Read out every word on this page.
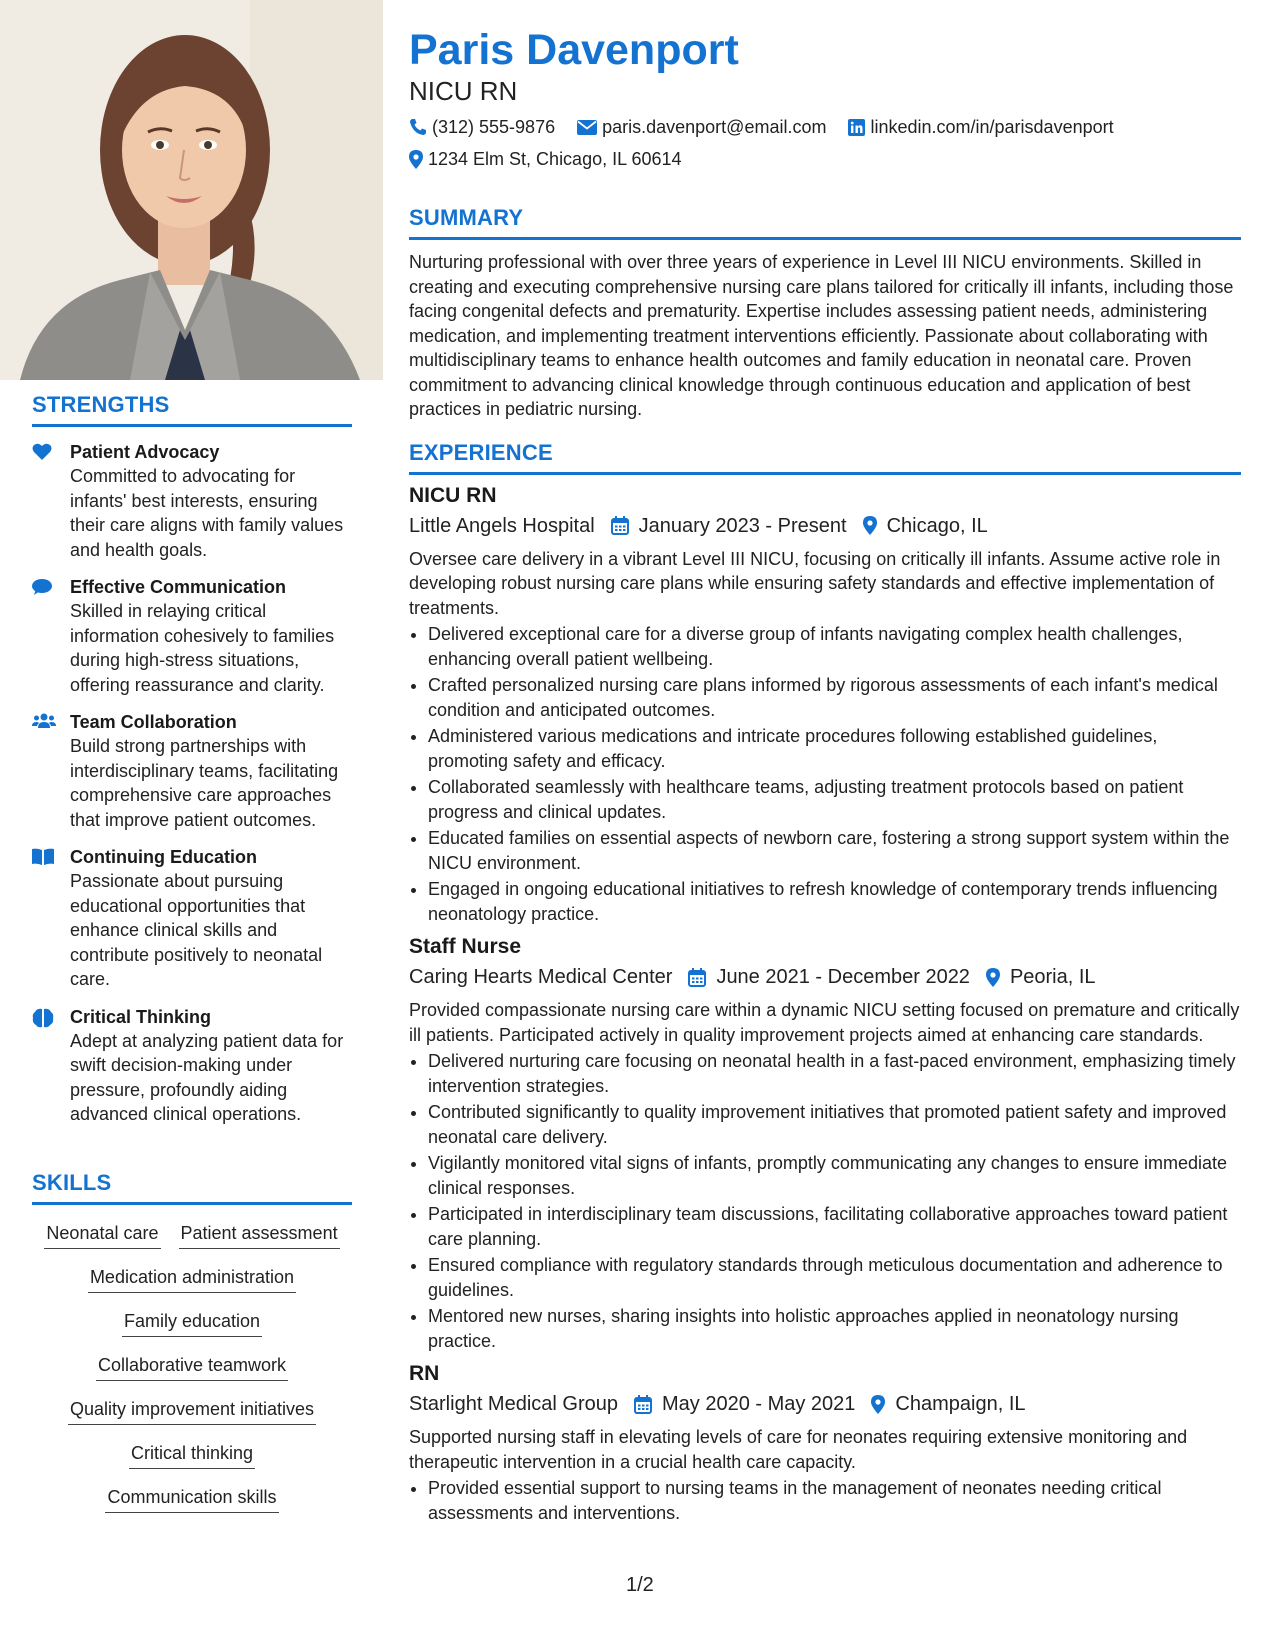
STRENGTHS
Patient Advocacy
Committed to advocating for infants' best interests, ensuring their care aligns with family values and health goals.
Effective Communication
Skilled in relaying critical information cohesively to families during high-stress situations, offering reassurance and clarity.
Team Collaboration
Build strong partnerships with interdisciplinary teams, facilitating comprehensive care approaches that improve patient outcomes.
Continuing Education
Passionate about pursuing educational opportunities that enhance clinical skills and contribute positively to neonatal care.
Critical Thinking
Adept at analyzing patient data for swift decision-making under pressure, profoundly aiding advanced clinical operations.
SKILLS
Neonatal care Patient assessment
Medication administration
Family education
Collaborative teamwork
Quality improvement initiatives
Critical thinking
Communication skills
Paris Davenport
NICU RN
(312) 555-9876	paris.davenport@email.com linkedin.com/in/parisdavenport
1234 Elm St, Chicago, IL 60614
SUMMARY
Nurturing professional with over three years of experience in Level III NICU environments. Skilled in creating and executing comprehensive nursing care plans tailored for critically ill infants, including those facing congenital defects and prematurity. Expertise includes assessing patient needs, administering medication, and implementing treatment interventions efficiently. Passionate about collaborating with multidisciplinary teams to enhance health outcomes and family education in neonatal care. Proven commitment to advancing clinical knowledge through continuous education and application of best practices in pediatric nursing.
EXPERIENCE
NICU RN
Little Angels Hospital January 2023 - Present Chicago, IL
Oversee care delivery in a vibrant Level III NICU, focusing on critically ill infants. Assume active role in developing robust nursing care plans while ensuring safety standards and effective implementation of treatments.
• Delivered exceptional care for a diverse group of infants navigating complex health challenges, enhancing overall patient wellbeing.
• Crafted personalized nursing care plans informed by rigorous assessments of each infant's medical condition and anticipated outcomes.
• Administered various medications and intricate procedures following established guidelines, promoting safety and efficacy.
• Collaborated seamlessly with healthcare teams, adjusting treatment protocols based on patient progress and clinical updates.
• Educated families on essential aspects of newborn care, fostering a strong support system within the NICU environment.
• Engaged in ongoing educational initiatives to refresh knowledge of contemporary trends influencing neonatology practice.
Staff Nurse
Caring Hearts Medical Center June 2021 - December 2022 Peoria, IL
Provided compassionate nursing care within a dynamic NICU setting focused on premature and critically ill patients. Participated actively in quality improvement projects aimed at enhancing care standards.
• Delivered nurturing care focusing on neonatal health in a fast-paced environment, emphasizing timely intervention strategies.
• Contributed significantly to quality improvement initiatives that promoted patient safety and improved neonatal care delivery.
• Vigilantly monitored vital signs of infants, promptly communicating any changes to ensure immediate clinical responses.
• Participated in interdisciplinary team discussions, facilitating collaborative approaches toward patient care planning.
• Ensured compliance with regulatory standards through meticulous documentation and adherence to guidelines.
• Mentored new nurses, sharing insights into holistic approaches applied in neonatology nursing practice.
RN
Starlight Medical Group May 2020 - May 2021 Champaign, IL
Supported nursing staff in elevating levels of care for neonates requiring extensive monitoring and therapeutic intervention in a crucial health care capacity.
• Provided essential support to nursing teams in the management of neonates needing critical assessments and interventions.
1/2
